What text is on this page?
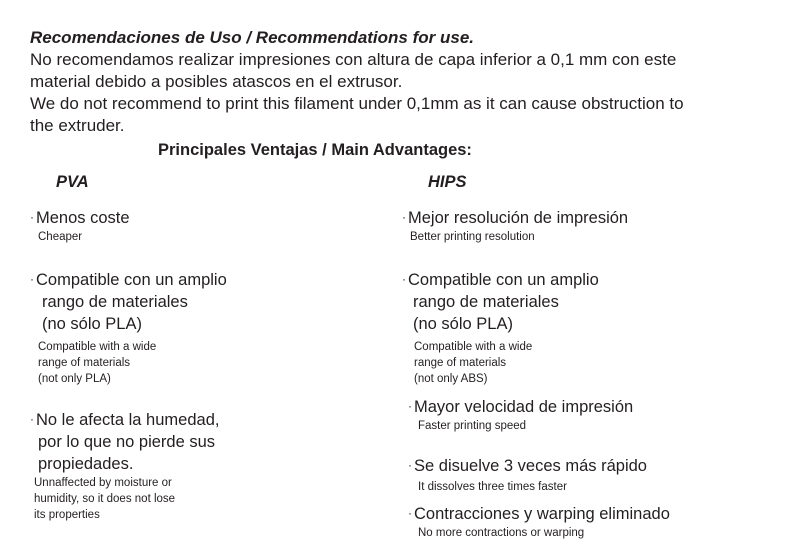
Recomendaciones de Uso / Recommendations for use.
No recomendamos realizar impresiones con altura de capa inferior a 0,1 mm con este
material debido a posibles atascos en el extrusor.
We do not recommend to print this filament under 0,1mm as it can cause obstruction to
the extruder.
Principales Ventajas / Main Advantages:
PVA
· Menos coste
Cheaper
· Compatible con un amplio
rango de materiales
(no sólo PLA)
Compatible with a wide
range of materials
(not only PLA)
· No le afecta la humedad,
por lo que no pierde sus
propiedades.
Unnaffected by moisture or
humidity, so it does not lose
its properties
HIPS
· Mejor resolución de impresión
Better printing resolution
· Compatible con un amplio
rango de materiales
(no sólo PLA)
Compatible with a wide
range of materials
(not only ABS)
· Mayor velocidad de impresión
Faster printing speed
· Se disuelve 3 veces más rápido
It dissolves three times faster
· Contracciones y warping eliminado
No more contractions or warping
